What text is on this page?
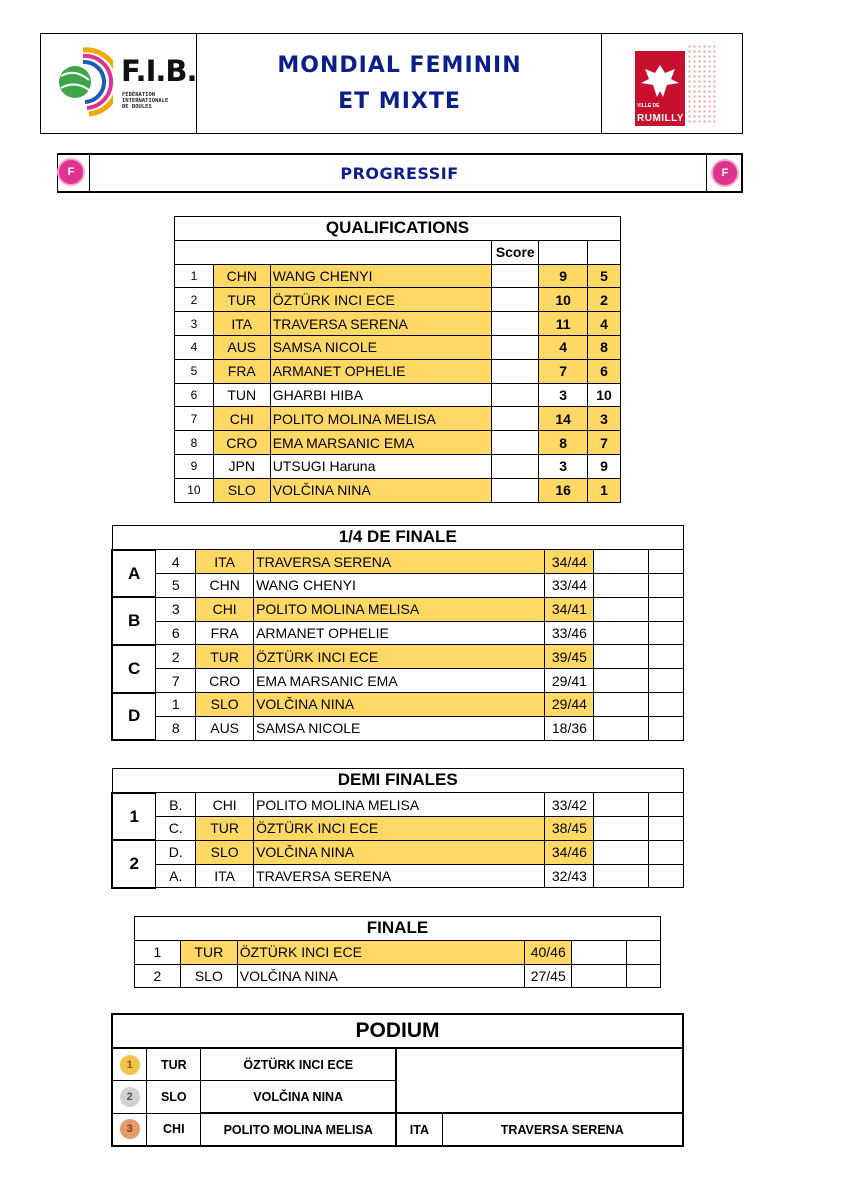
F.I.B.
FÉDÉRATION
INTERNATIONALE
DE BOULES
MONDIAL FEMININ
ET MIXTE	VILLE DE
RUMILLY
PROGRESSIF
F	F
QUALIFICATIONS					
			Score		
1	CHN	WANG CHENYI		9	5
2	TUR	ÖZTÜRK INCI ECE		10	2
3	ITA	TRAVERSA SERENA		11	4
4	AUS	SAMSA NICOLE		4	8
5	FRA	ARMANET OPHELIE		7	6
6	TUN	GHARBI HIBA		3	10
7	CHI	POLITO MOLINA MELISA		14	3
8	CRO	EMA MARSANIC EMA		8	7
9	JPN	UTSUGI Haruna		3	9
10	SLO	VOLČINA NINA		16	1
1/4 DE FINALE						
A	4	ITA	TRAVERSA SERENA	34/44		
	5	CHN	WANG CHENYI	33/44		
B	3	CHI	POLITO MOLINA MELISA	34/41		
	6	FRA	ARMANET OPHELIE	33/46		
C	2	TUR	ÖZTÜRK INCI ECE	39/45		
	7	CRO	EMA MARSANIC EMA	29/41		
D	1	SLO	VOLČINA NINA	29/44		
	8	AUS	SAMSA NICOLE	18/36		
DEMI FINALES						
1	B.	CHI	POLITO MOLINA MELISA	33/42		
	C.	TUR	ÖZTÜRK INCI ECE	38/45		
2	D.	SLO	VOLČINA NINA	34/46		
	A.	ITA	TRAVERSA SERENA	32/43		
FINALE					
1	TUR	ÖZTÜRK INCI ECE	40/46		
2	SLO	VOLČINA NINA	27/45		
PODIUM				
1	TUR	ÖZTÜRK INCI ECE		
2	SLO	VOLČINA NINA		
3	CHI	POLITO MOLINA MELISA	ITA	TRAVERSA SERENA
